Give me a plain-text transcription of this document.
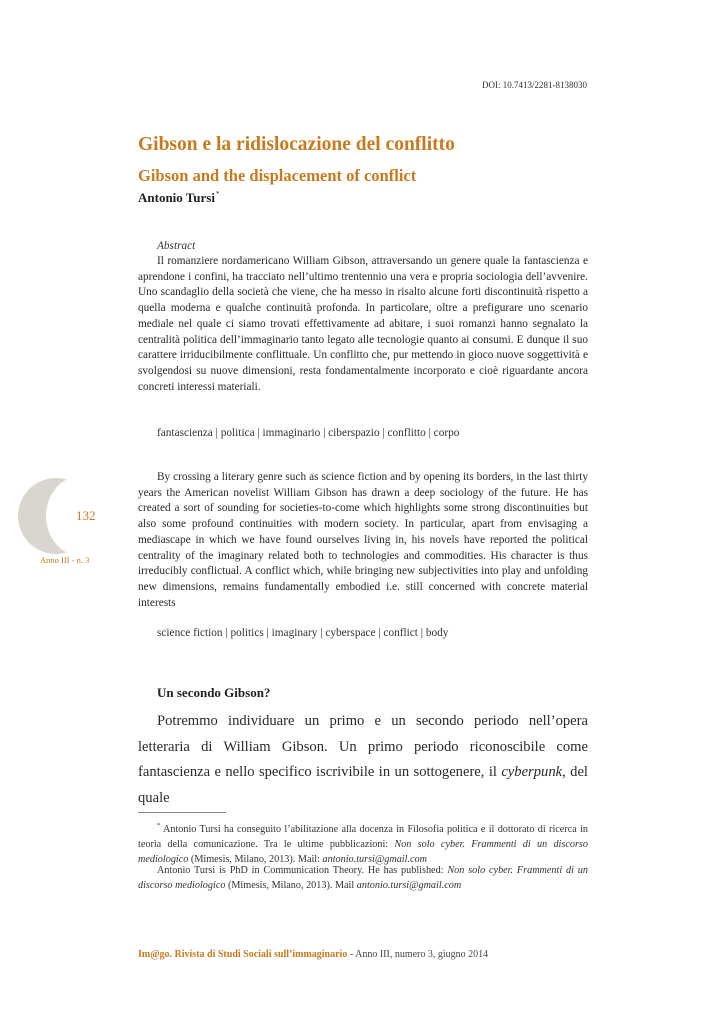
DOI: 10.7413/2281-8138030
Gibson e la ridislocazione del conflitto
Gibson and the displacement of conflict
Antonio Tursi*
Abstract
Il romanziere nordamericano William Gibson, attraversando un genere quale la fantascienza e aprendone i confini, ha tracciato nell’ultimo trentennio una vera e propria sociologia dell’avvenire. Uno scandaglio della società che viene, che ha messo in risalto alcune forti discontinuità rispetto a quella moderna e qualche continuità profonda. In particolare, oltre a prefigurare uno scenario mediale nel quale ci siamo trovati effettivamente ad abitare, i suoi romanzi hanno segnalato la centralità politica dell’immaginario tanto legato alle tecnologie quanto ai consumi. E dunque il suo carattere irriducibilmente conflittuale. Un conflitto che, pur mettendo in gioco nuove soggettività e svolgendosi su nuove dimensioni, resta fondamentalmente incorporato e cioè riguardante ancora concreti interessi materiali.
fantascienza | politica | immaginario | ciberspazio | conflitto | corpo
By crossing a literary genre such as science fiction and by opening its borders, in the last thirty years the American novelist William Gibson has drawn a deep sociology of the future. He has created a sort of sounding for societies-to-come which highlights some strong discontinuities but also some profound continuities with modern society. In particular, apart from envisaging a mediascape in which we have found ourselves living in, his novels have reported the political centrality of the imaginary related both to technologies and commodities. His character is thus irreducibly conflictual. A conflict which, while bringing new subjectivities into play and unfolding new dimensions, remains fundamentally embodied i.e. still concerned with concrete material interests
science fiction | politics | imaginary | cyberspace | conflict | body
132
Anno III - n. 3
Un secondo Gibson?
Potremmo individuare un primo e un secondo periodo nell’opera letteraria di William Gibson. Un primo periodo riconoscibile come fantascienza e nello specifico iscrivibile in un sottogenere, il cyberpunk, del quale
* Antonio Tursi ha conseguito l’abilitazione alla docenza in Filosofia politica e il dottorato di ricerca in teoria della comunicazione. Tra le ultime pubblicazioni: Non solo cyber. Frammenti di un discorso mediologico (Mimesis, Milano, 2013). Mail: antonio.tursi@gmail.com
Antonio Tursi is PhD in Communication Theory. He has published: Non solo cyber. Frammenti di un discorso mediologico (Mimesis, Milano, 2013). Mail antonio.tursi@gmail.com
Im@go. Rivista di Studi Sociali sull’immaginario - Anno III, numero 3, giugno 2014
